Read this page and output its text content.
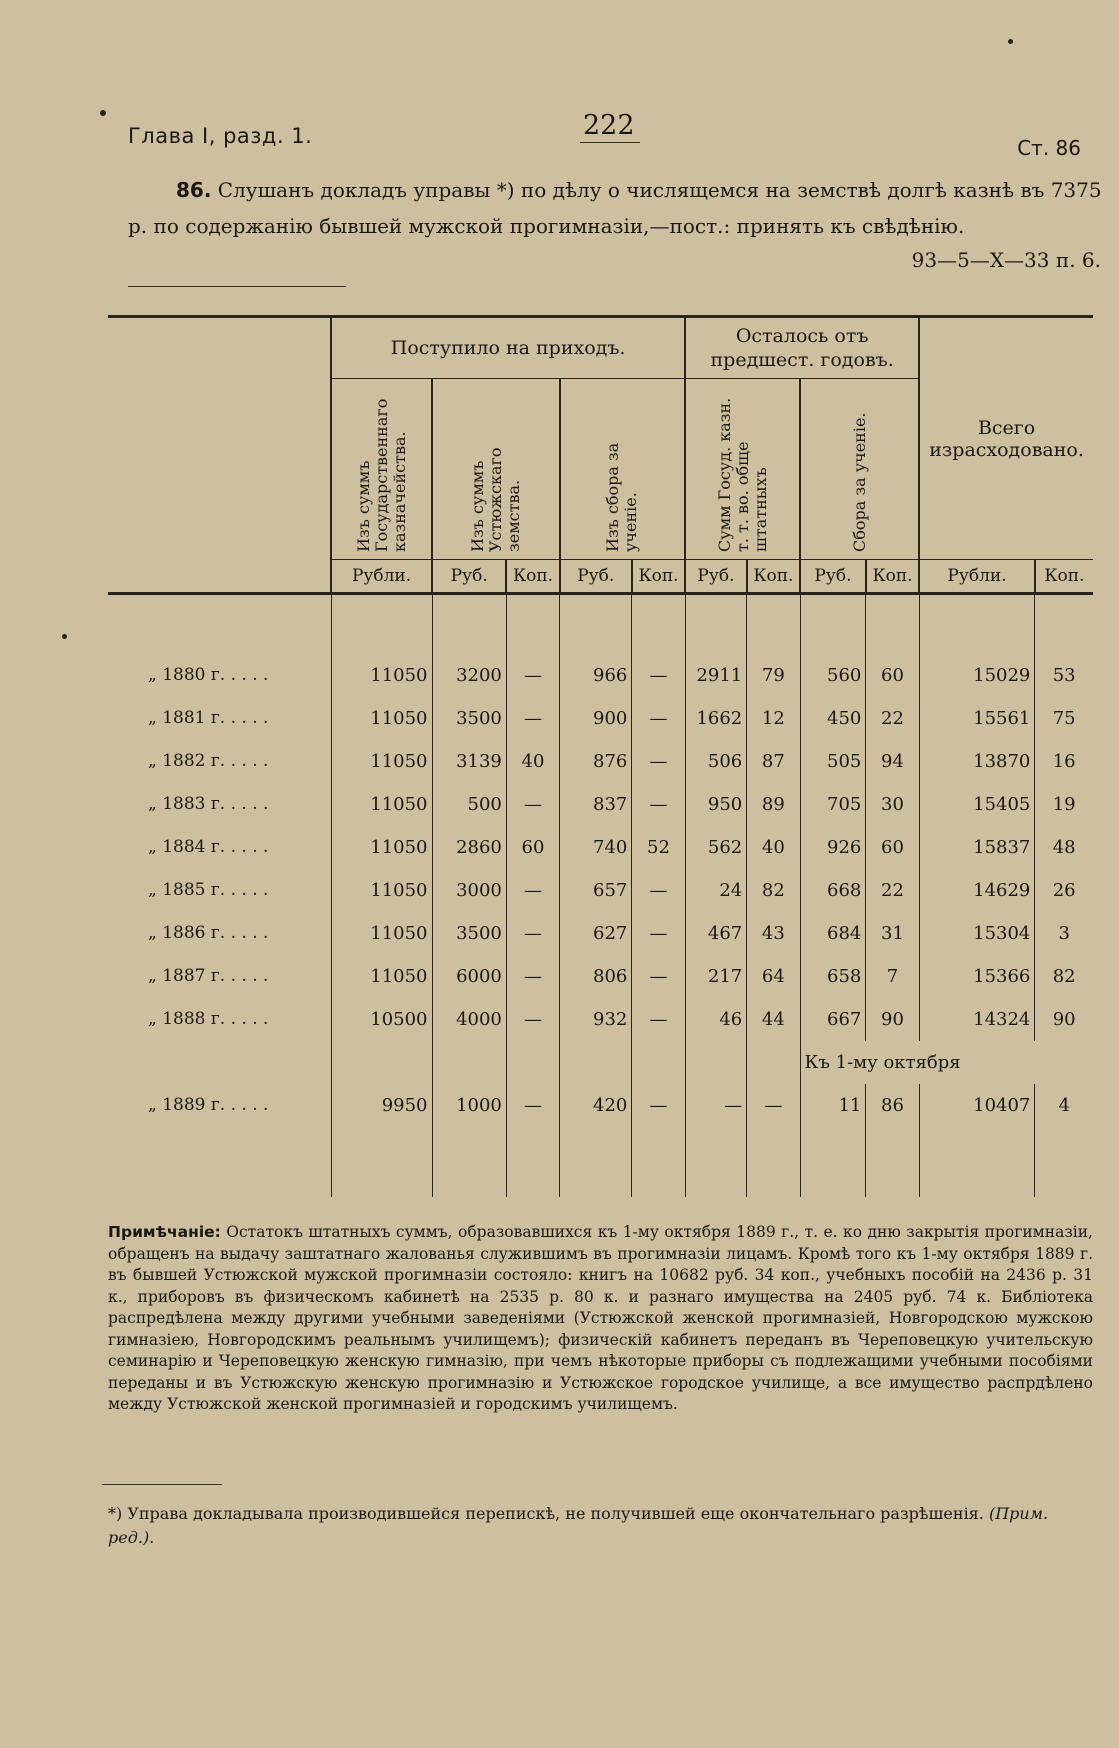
Глава I, разд. 1.	222
Ст. 86
86. Слушанъ докладъ управы *) по дѣлу о числящемся на земствѣ долгѣ казнѣ въ 7375 р. по содержанію бывшей мужской прогимназіи,—пост.: принять къ свѣдѣнію.
93—5—X—33 п. 6.
	Поступило на приходъ.					Осталось отъ предшест. годовъ.				Всего израсходовано.	
	Изъ суммъ Государственнаго казначейства.	Изъ суммъ Устюжскаго земства.		Изъ сбора за ученіе.		Сумм Госуд. казн. т. т. во. обще штатныхъ		Сбора за ученіе.			
	Рубли.	Руб.	Коп.	Руб.	Коп.	Руб.	Коп.	Руб.	Коп.	Рубли.	Коп.

„ 1880 г. . . . .	11050	3200	—	966	—	2911	79	560	60	15029	53
„ 1881 г. . . . .	11050	3500	—	900	—	1662	12	450	22	15561	75
„ 1882 г. . . . .	11050	3139	40	876	—	506	87	505	94	13870	16
„ 1883 г. . . . .	11050	500	—	837	—	950	89	705	30	15405	19
„ 1884 г. . . . .	11050	2860	60	740	52	562	40	926	60	15837	48
„ 1885 г. . . . .	11050	3000	—	657	—	24	82	668	22	14629	26
„ 1886 г. . . . .	11050	3500	—	627	—	467	43	684	31	15304	3
„ 1887 г. . . . .	11050	6000	—	806	—	217	64	658	7	15366	82
„ 1888 г. . . . .	10500	4000	—	932	—	46	44	667	90	14324	90
								Къ 1-му октября			
„ 1889 г. . . . .	9950	1000	—	420	—	—	—	11	86	10407	4

Примѣчаніе: Остатокъ штатныхъ суммъ, образовавшихся къ 1-му октября 1889 г., т. е. ко дню закрытія прогимназіи, обращенъ на выдачу заштатнаго жалованья служившимъ въ прогимназіи лицамъ. Кромѣ того къ 1-му октября 1889 г. въ бывшей Устюжской мужской прогимназіи состояло: книгъ на 10682 руб. 34 коп., учебныхъ пособій на 2436 р. 31 к., приборовъ въ физическомъ кабинетѣ на 2535 р. 80 к. и разнаго имущества на 2405 руб. 74 к. Библіотека распредѣлена между другими учебными заведеніями (Устюжской женской прогимназіей, Новгородскою мужскою гимназіею, Новгородскимъ реальнымъ училищемъ); физическій кабинетъ переданъ въ Череповецкую учительскую семинарію и Череповецкую женскую гимназію, при чемъ нѣкоторые приборы съ подлежащими учебными пособіями переданы и въ Устюжскую женскую прогимназію и Устюжское городское училище, а все имущество распрдѣлено между Устюжской женской прогимназіей и городскимъ училищемъ.
*) Управа докладывала производившейся перепискѣ, не получившей еще окончательнаго разрѣшенія. (Прим. ред.).
